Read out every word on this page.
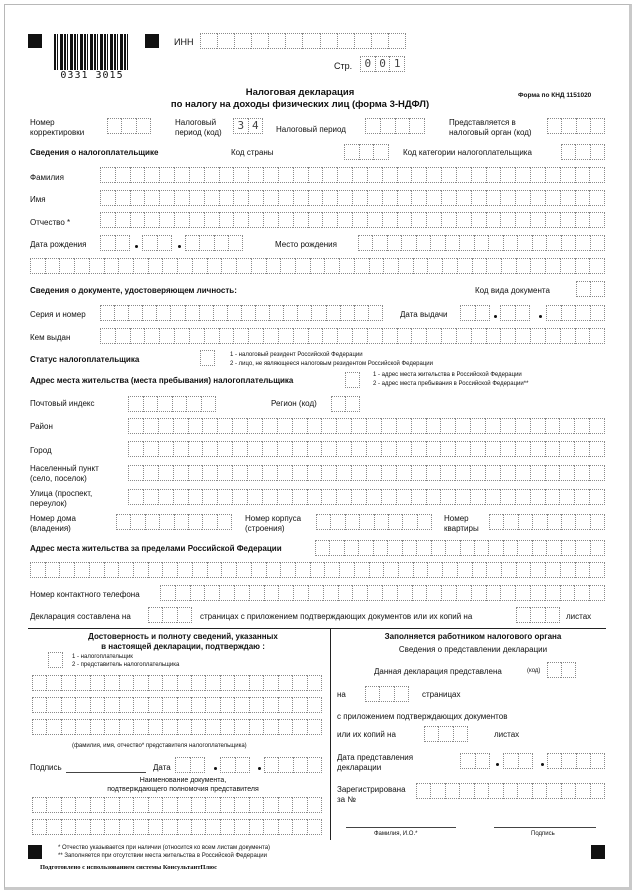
0331 3015
ИНН
Стр.	0 0 1
Налоговая декларация
по налогу на доходы физических лиц (форма 3-НДФЛ)
Форма по КНД 1151020
Номер
корректировки
Налоговый
период (код)
3 4	Налоговый период
Представляется в
налоговый орган (код)
Сведения о налогоплательщике	Код страны	Код категории налогоплательщика
Фамилия
Имя
Отчество *
Дата рождения	Место рождения
Сведения о документе, удостоверяющем личность:	Код вида документа
Серия и номер	Дата выдачи
Кем выдан
Статус налогоплательщика	1 - налоговый резидент Российской Федерации
2 - лицо, не являющееся налоговым резидентом Российской Федерации
Адрес места жительства (места пребывания) налогоплательщика
1 - адрес места жительства в Российской Федерации
2 - адрес места пребывания в Российской Федерации**
Почтовый индекс	Регион (код)
Район
Город
Населенный пункт
(село, поселок)
Улица (проспект,
переулок)
Номер дома
(владения)
Номер корпуса
(строения)
Номер
квартиры
Адрес места жительства за пределами Российской Федерации
Номер контактного телефона
Декларация составлена на	страницах с приложением подтверждающих документов или их копий на	листах
Достоверность и полноту сведений, указанных
в настоящей декларации, подтверждаю :
1 - налогоплательщик
2 - представитель налогоплательщика
(фамилия, имя, отчество* представителя налогоплательщика)
Подпись	Дата
Наименование документа,
подтверждающего полномочия представителя
Заполняется работником налогового органа
Сведения о представлении декларации
Данная декларация представлена	(код)
на	страницах
с приложением подтверждающих документов
или их копий на	листах
Дата представления
декларации
Зарегистрирована
за №
Фамилия, И.О.*	Подпись
* Отчество указывается при наличии (относится ко всем листам документа)
** Заполняется при отсутствии места жительства в Российской Федерации
Подготовлено с использованием системы КонсультантПлюс
